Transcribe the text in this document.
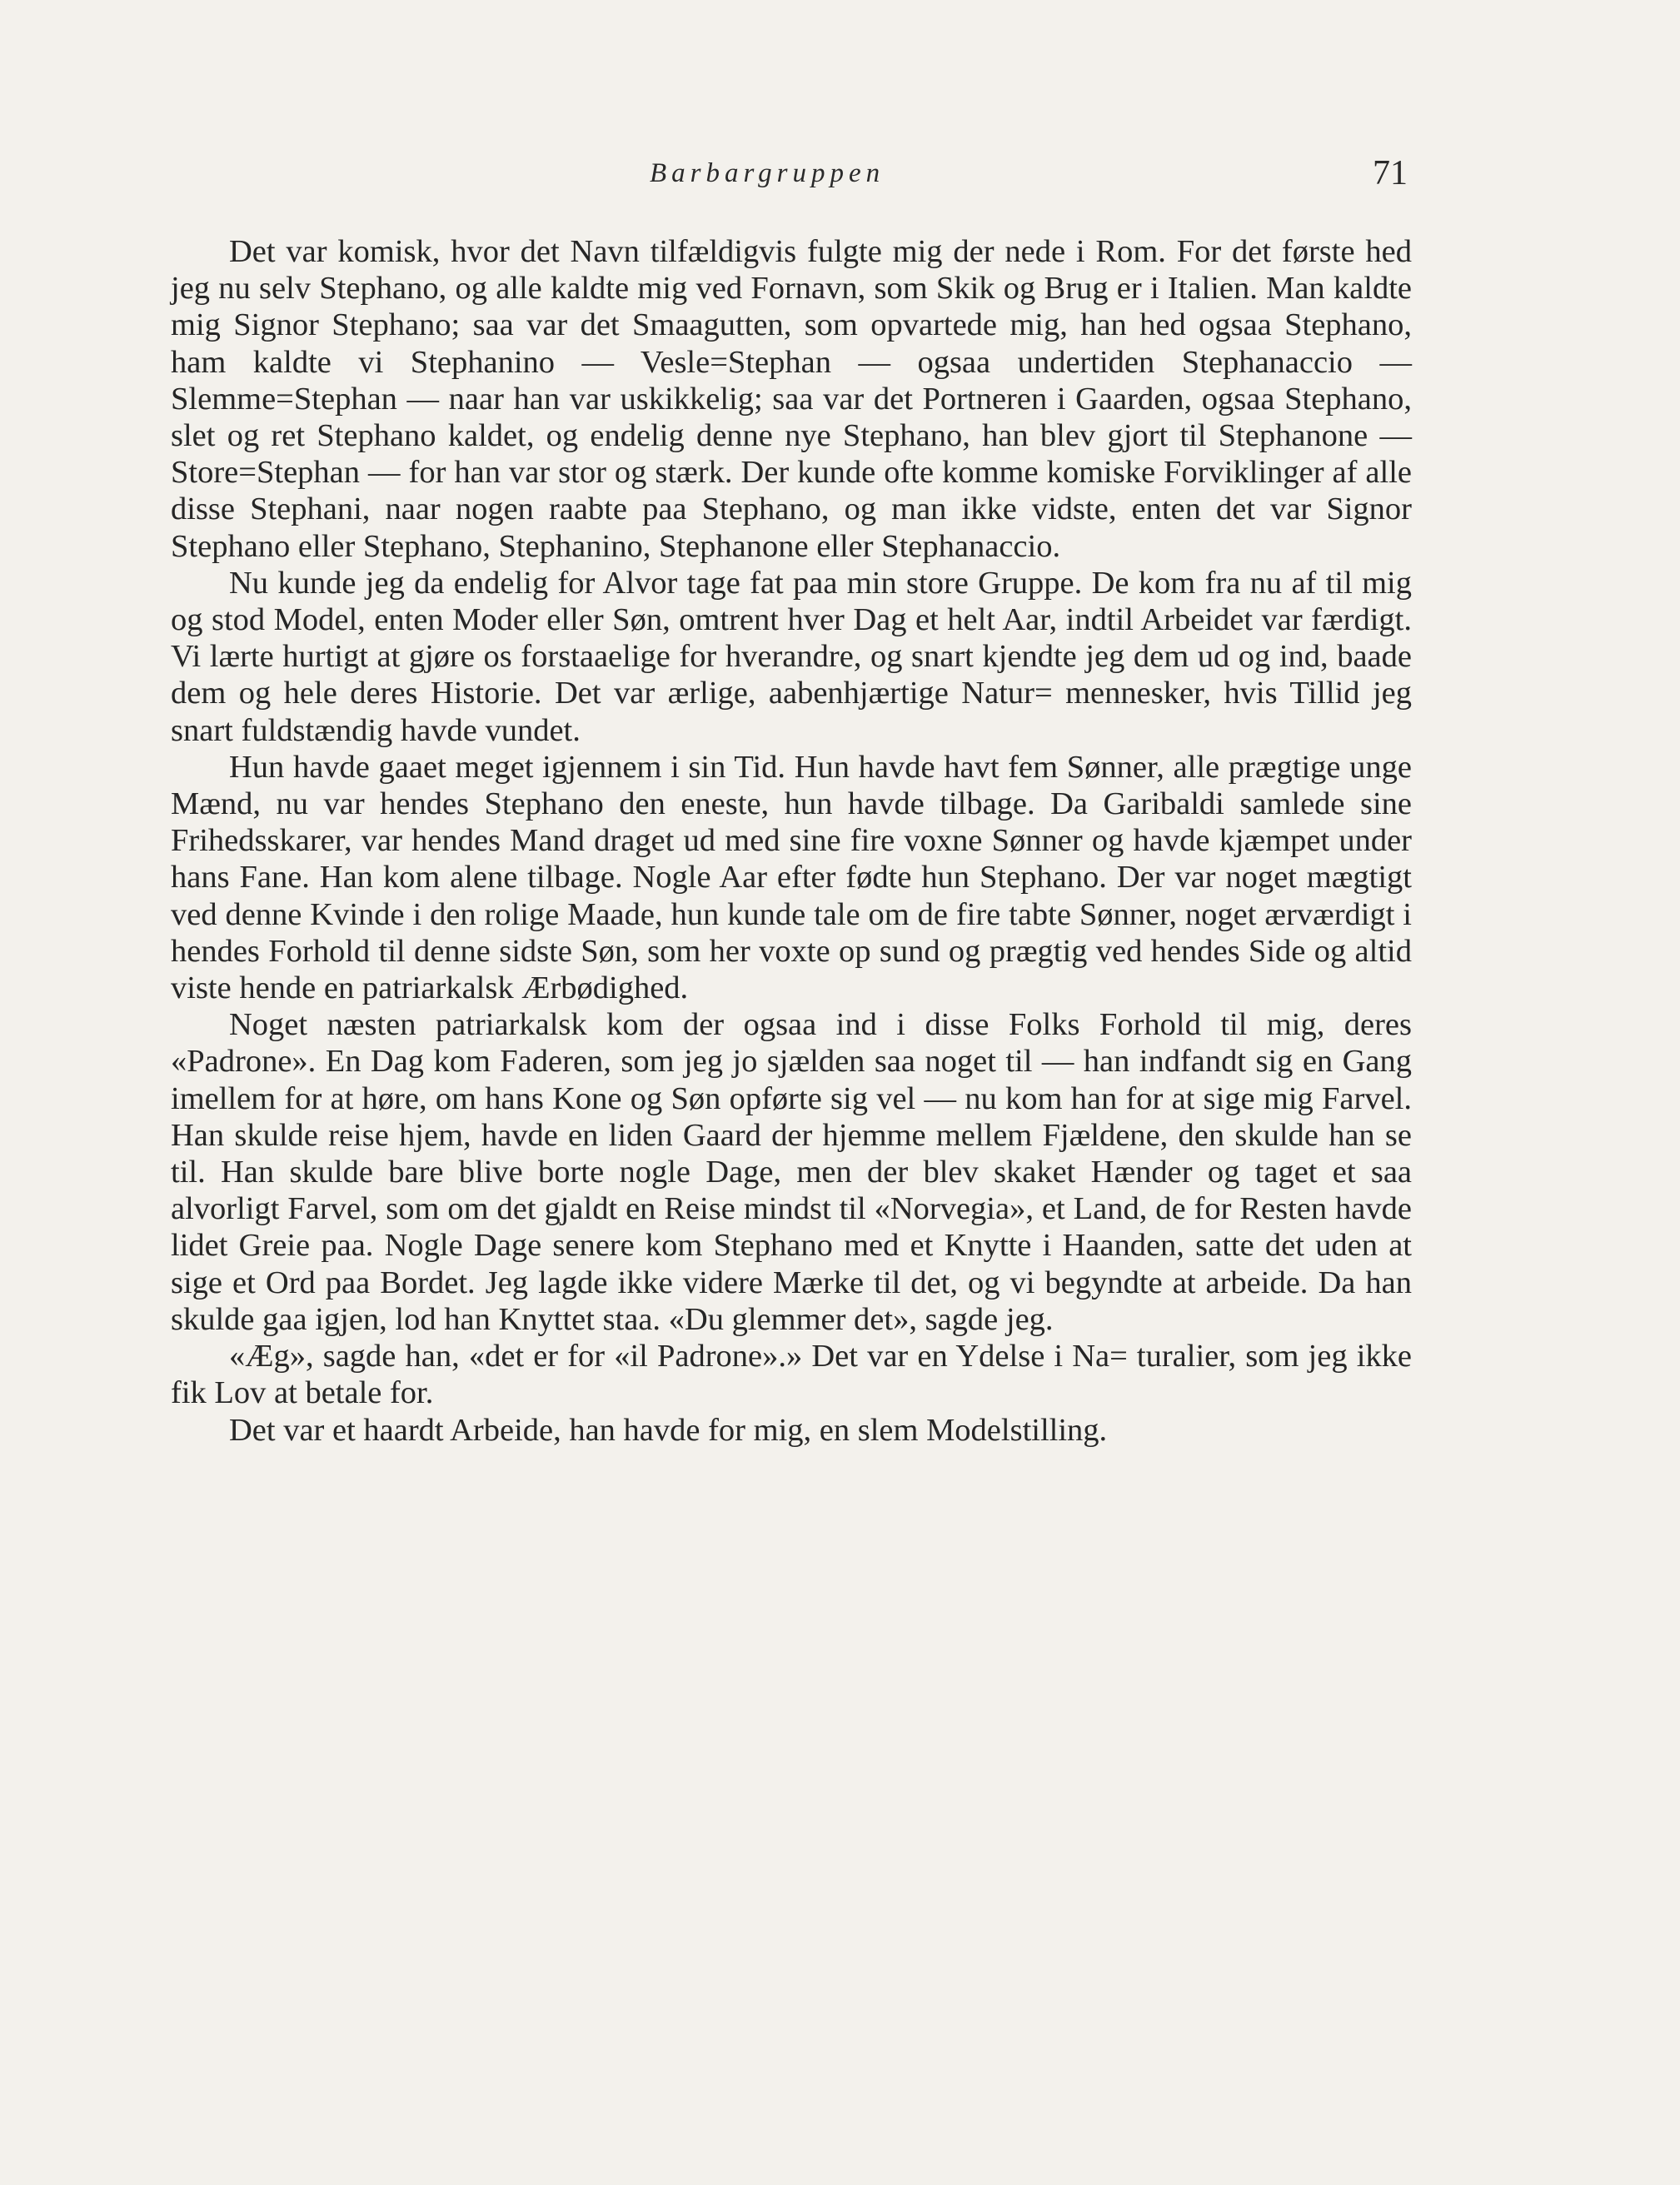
Barbargruppen	71

Det var komisk, hvor det Navn tilfældigvis fulgte mig der nede i Rom. For det første hed jeg nu selv Stephano, og alle kaldte mig ved Fornavn, som Skik og Brug er i Italien. Man kaldte mig Signor Stephano; saa var det Smaagutten, som opvartede mig, han hed ogsaa Stephano, ham kaldte vi Stephanino — Vesle=Stephan — ogsaa undertiden Stephanaccio — Slemme=Stephan — naar han var uskikkelig; saa var det Portneren i Gaarden, ogsaa Stephano, slet og ret Stephano kaldet, og endelig denne nye Stephano, han blev gjort til Stephanone — Store=Stephan — for han var stor og stærk. Der kunde ofte komme komiske Forviklinger af alle disse Stephani, naar nogen raabte paa Stephano, og man ikke vidste, enten det var Signor Stephano eller Stephano, Stephanino, Stephanone eller Stephanaccio.

Nu kunde jeg da endelig for Alvor tage fat paa min store Gruppe. De kom fra nu af til mig og stod Model, enten Moder eller Søn, omtrent hver Dag et helt Aar, indtil Arbeidet var færdigt. Vi lærte hurtigt at gjøre os forstaaelige for hverandre, og snart kjendte jeg dem ud og ind, baade dem og hele deres Historie. Det var ærlige, aabenhjærtige Natur= mennesker, hvis Tillid jeg snart fuldstændig havde vundet.

Hun havde gaaet meget igjennem i sin Tid. Hun havde havt fem Sønner, alle prægtige unge Mænd, nu var hendes Stephano den eneste, hun havde tilbage. Da Garibaldi samlede sine Frihedsskarer, var hendes Mand draget ud med sine fire voxne Sønner og havde kjæmpet under hans Fane. Han kom alene tilbage. Nogle Aar efter fødte hun Stephano. Der var noget mægtigt ved denne Kvinde i den rolige Maade, hun kunde tale om de fire tabte Sønner, noget ærværdigt i hendes Forhold til denne sidste Søn, som her voxte op sund og prægtig ved hendes Side og altid viste hende en patriarkalsk Ærbødighed.

Noget næsten patriarkalsk kom der ogsaa ind i disse Folks Forhold til mig, deres «Padrone». En Dag kom Faderen, som jeg jo sjælden saa noget til — han indfandt sig en Gang imellem for at høre, om hans Kone og Søn opførte sig vel — nu kom han for at sige mig Farvel. Han skulde reise hjem, havde en liden Gaard der hjemme mellem Fjældene, den skulde han se til. Han skulde bare blive borte nogle Dage, men der blev skaket Hænder og taget et saa alvorligt Farvel, som om det gjaldt en Reise mindst til «Norvegia», et Land, de for Resten havde lidet Greie paa. Nogle Dage senere kom Stephano med et Knytte i Haanden, satte det uden at sige et Ord paa Bordet. Jeg lagde ikke videre Mærke til det, og vi begyndte at arbeide. Da han skulde gaa igjen, lod han Knyttet staa. «Du glemmer det», sagde jeg.

«Æg», sagde han, «det er for «il Padrone».» Det var en Ydelse i Na= turalier, som jeg ikke fik Lov at betale for.

Det var et haardt Arbeide, han havde for mig, en slem Modelstilling.
